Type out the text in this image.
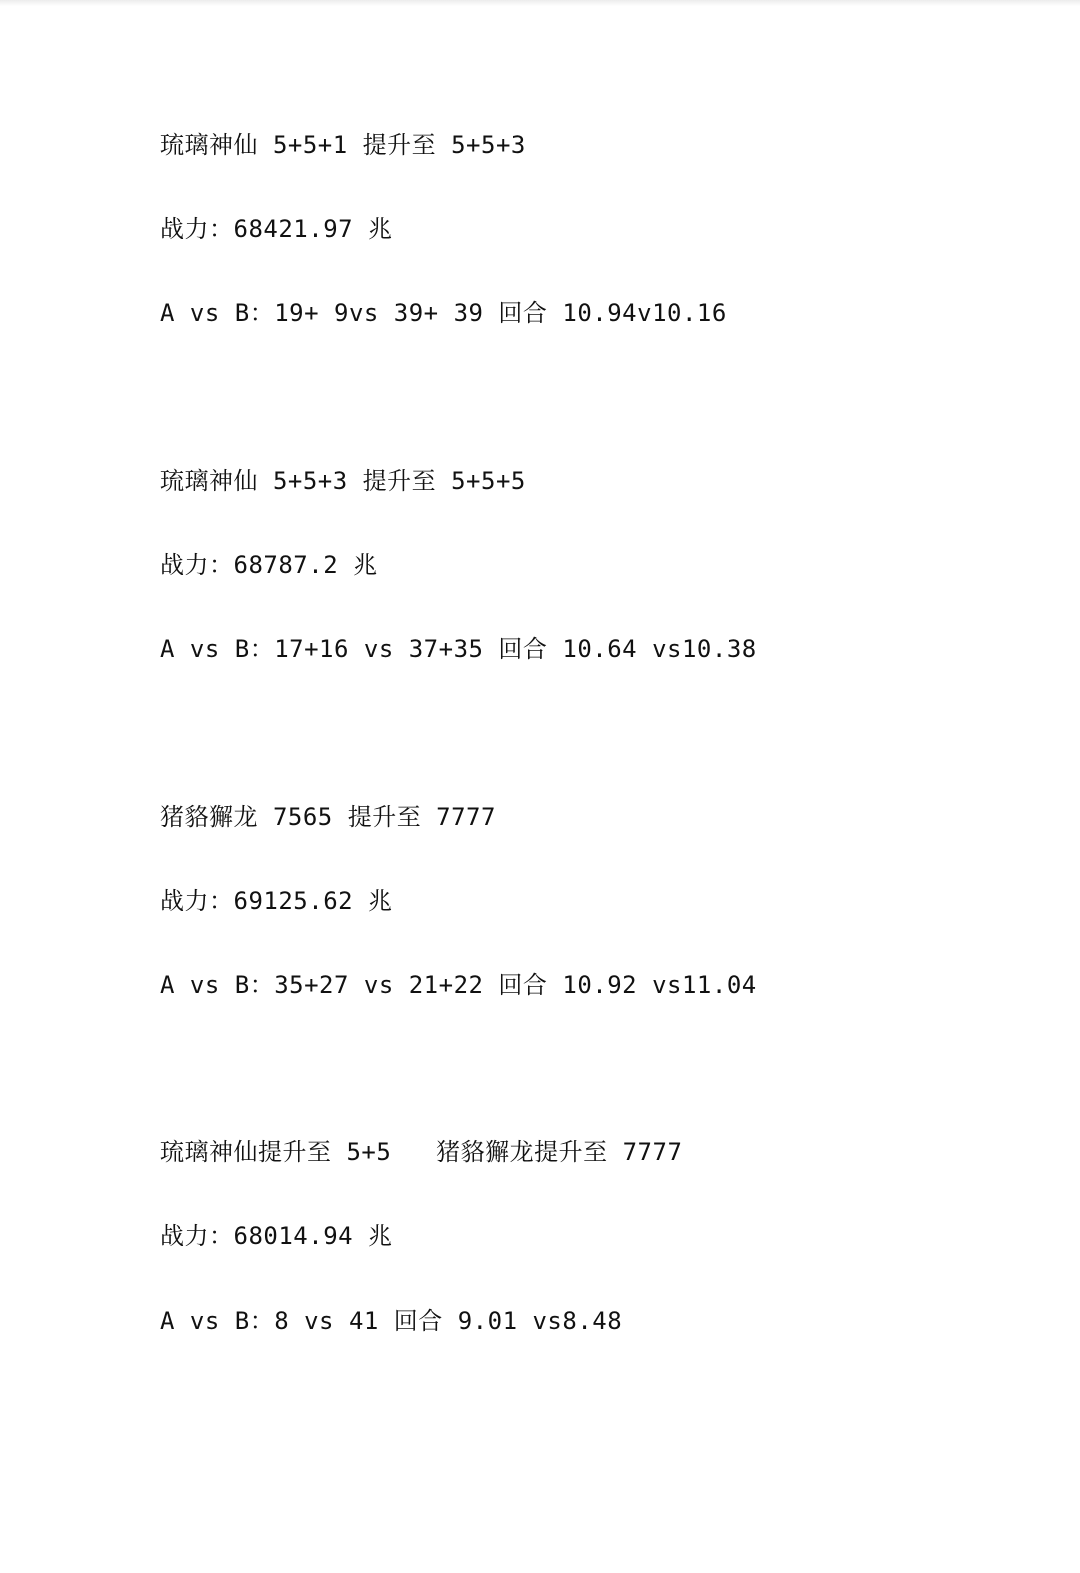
琉璃神仙 5+5+1 提升至 5+5+3
战力：68421.97 兆
A vs B：19+ 9vs 39+ 39 回合 10.94v10.16
琉璃神仙 5+5+3 提升至 5+5+5
战力：68787.2 兆
A vs B：17+16 vs 37+35 回合 10.64 vs10.38
猪貉獬龙 7565 提升至 7777
战力：69125.62 兆
A vs B：35+27 vs 21+22 回合 10.92 vs11.04
琉璃神仙提升至 5+5   猪貉獬龙提升至 7777
战力：68014.94 兆
A vs B：8 vs 41 回合 9.01 vs8.48
